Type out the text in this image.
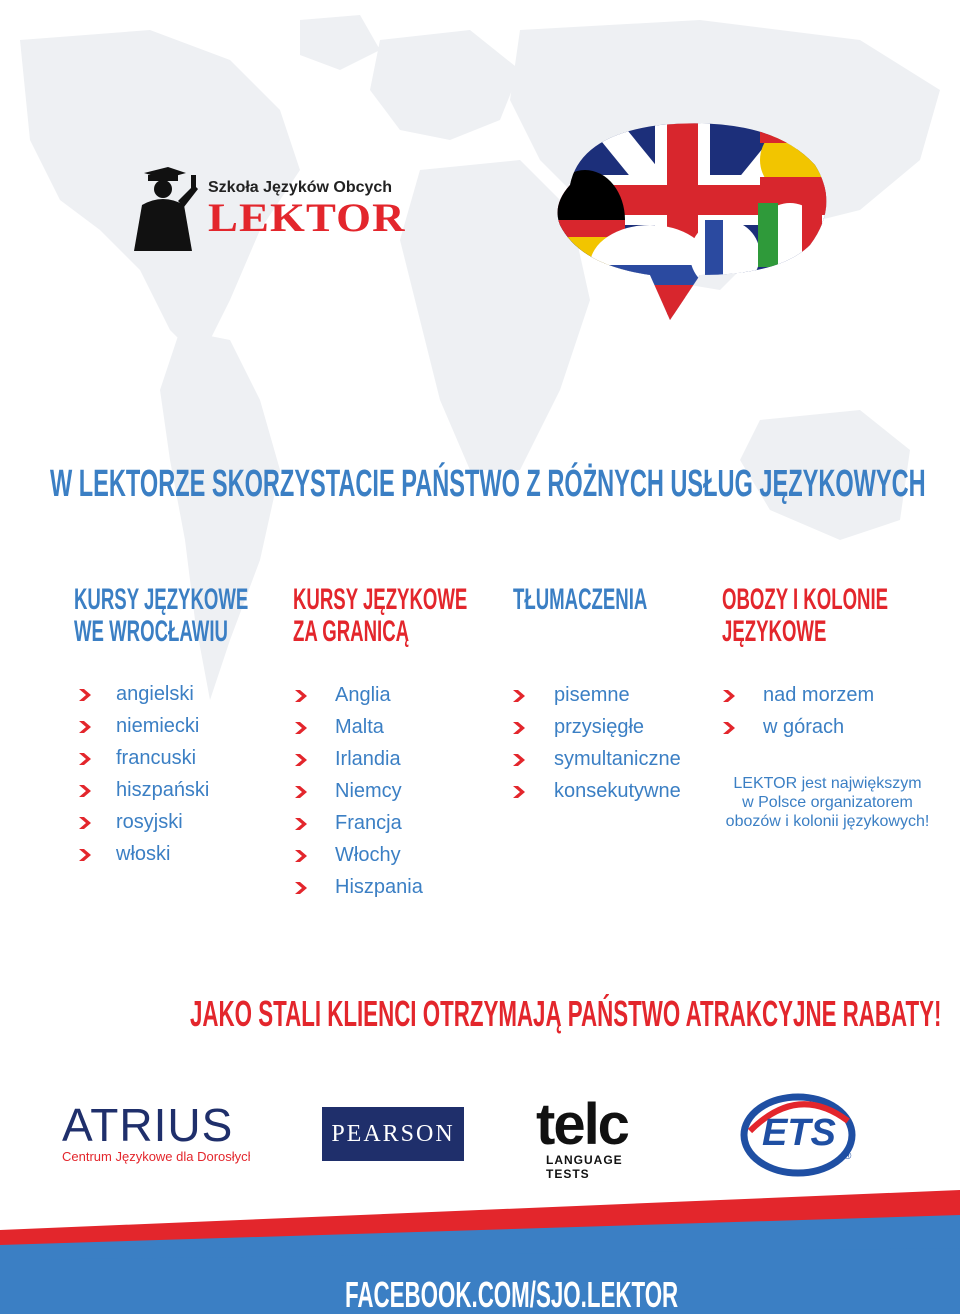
Szkoła Języków Obcych
LEKTOR
W LEKTORZE SKORZYSTACIE PAŃSTWO Z RÓŻNYCH USŁUG JĘZYKOWYCH
KURSY JĘZYKOWE
WE WROCŁAWIU
KURSY JĘZYKOWE
ZA GRANICĄ
TŁUMACZENIA OBOZY I KOLONIE
JĘZYKOWE
angielski
niemiecki
francuski
hiszpański
rosyjski
włoski
Anglia
Malta
Irlandia
Niemcy
Francja
Włochy
Hiszpania
pisemne
przysięgłe
symultaniczne
konsekutywne
nad morzem
w górach
LEKTOR jest największym
w Polsce organizatorem
obozów i kolonii językowych!
JAKO STALI KLIENCI OTRZYMAJĄ PAŃSTWO ATRAKCYJNE RABATY!
ATRIUS
Centrum Językowe dla Dorosłych
PEARSON telc
LANGUAGE TESTS
ETS
®
FACEBOOK.COM/SJO.LEKTOR
